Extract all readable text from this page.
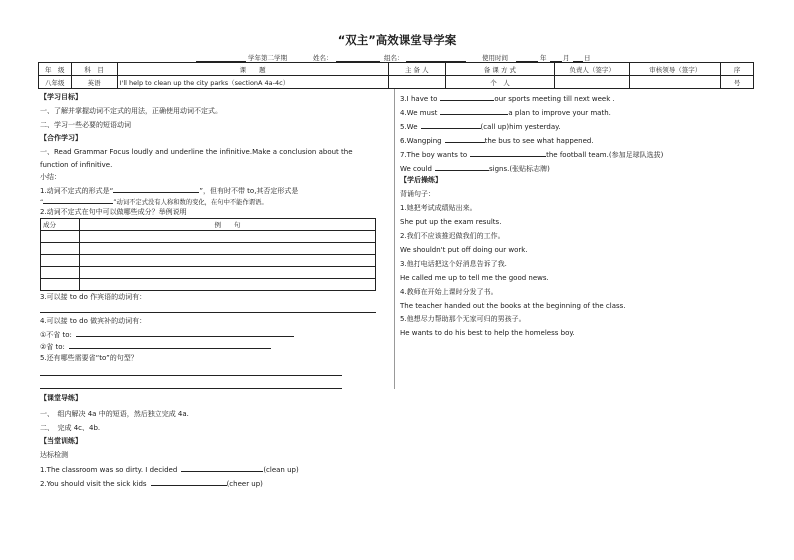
“双主”高效课堂导学案
学年第二学期	姓名：	组名：	使用时间	年	月 日
年　级	科　目	课　　题	主 备 人	备 课 方 式	负责人（签字）	审核领导（签字）	序
八年级	英语	I'll help to clean up the city parks（sectionA 4a-4c）		个　人			号
【学习目标】
一、了解并掌握动词不定式的用法，正确使用动词不定式。
二、学习一些必要的短语动词
【合作学习】
一、Read Grammar Focus loudly and underline the infinitive.Make a conclusion about the
function of infinitive.
小结：
1.动词不定式的形式是“	”，但有时不带 to,其否定形式是
“	”动词不定式没有人称和数的变化，在句中不能作谓语。
2.动词不定式在句中可以做哪些成分？举例说明
成分	例　　句

3.可以接 to do 作宾语的动词有：
4.可以接 to do 做宾补的动词有：
①不省 to:
②省 to:
5.还有哪些需要省“to”的句型？
【课堂导练】
一、　组内解决 4a 中的短语，然后独立完成 4a.
二、　完成 4c、4b.
【当堂训练】
达标检测
1.The classroom was so dirty. I decided	(clean up)
2.You should visit the sick kids	(cheer up)
3.I have to	our sports meeting till next week .
4.We must	a plan to improve your math.
5.We	(call up)him yesterday.
6.Wangping	the bus to see what happened.
7.The boy wants to	the football team.(参加足球队选拔)
We could	signs.(张贴标志牌)
【学后操练】
背诵句子：
1.她把考试成绩贴出来。
She put up the exam results.
2.我们不应该推迟做我们的工作。
We shouldn't put off doing our work.
3.他打电话把这个好消息告诉了我.
He called me up to tell me the good news.
4.教师在开始上课时分发了书。
The teacher handed out the books at the beginning of the class.
5.他想尽力帮助那个无家可归的男孩子。
He wants to do his best to help the homeless boy.
